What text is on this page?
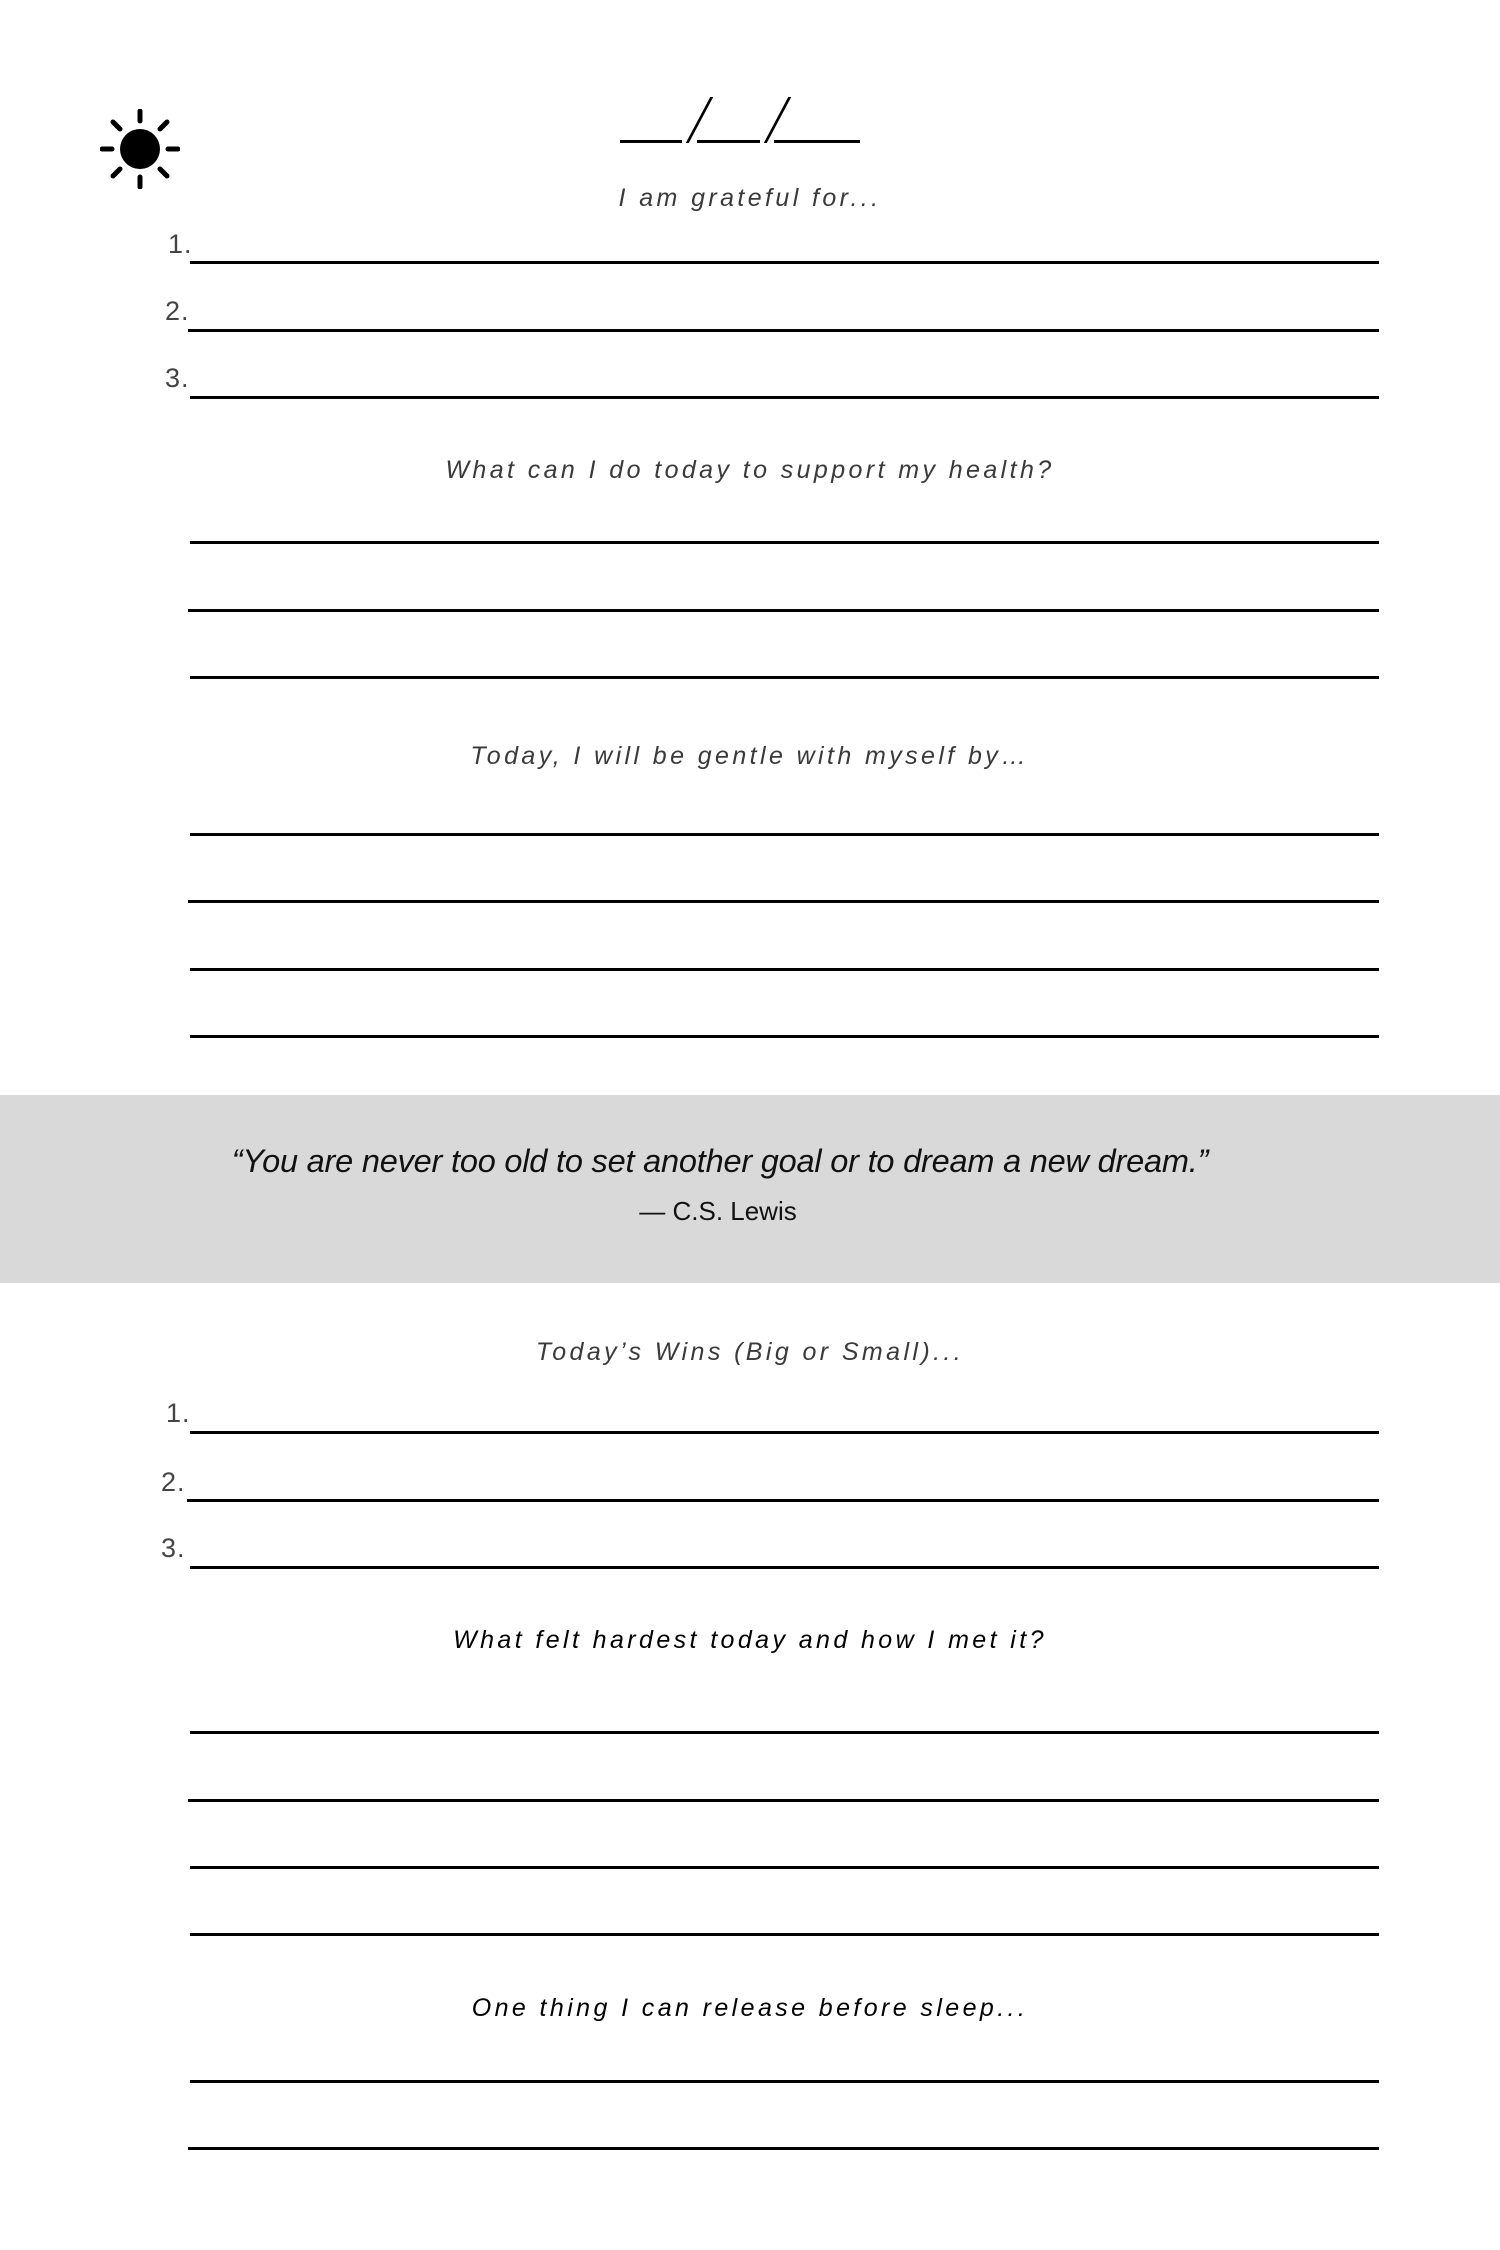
I am grateful for...
1.
2.
3.
What can I do today to support my health?
Today, I will be gentle with myself by…
“You are never too old to set another goal or to dream a new dream.”
— C.S. Lewis
Today’s Wins (Big or Small)...
1.
2.
3.
What felt hardest today and how I met it?
One thing I can release before sleep...
